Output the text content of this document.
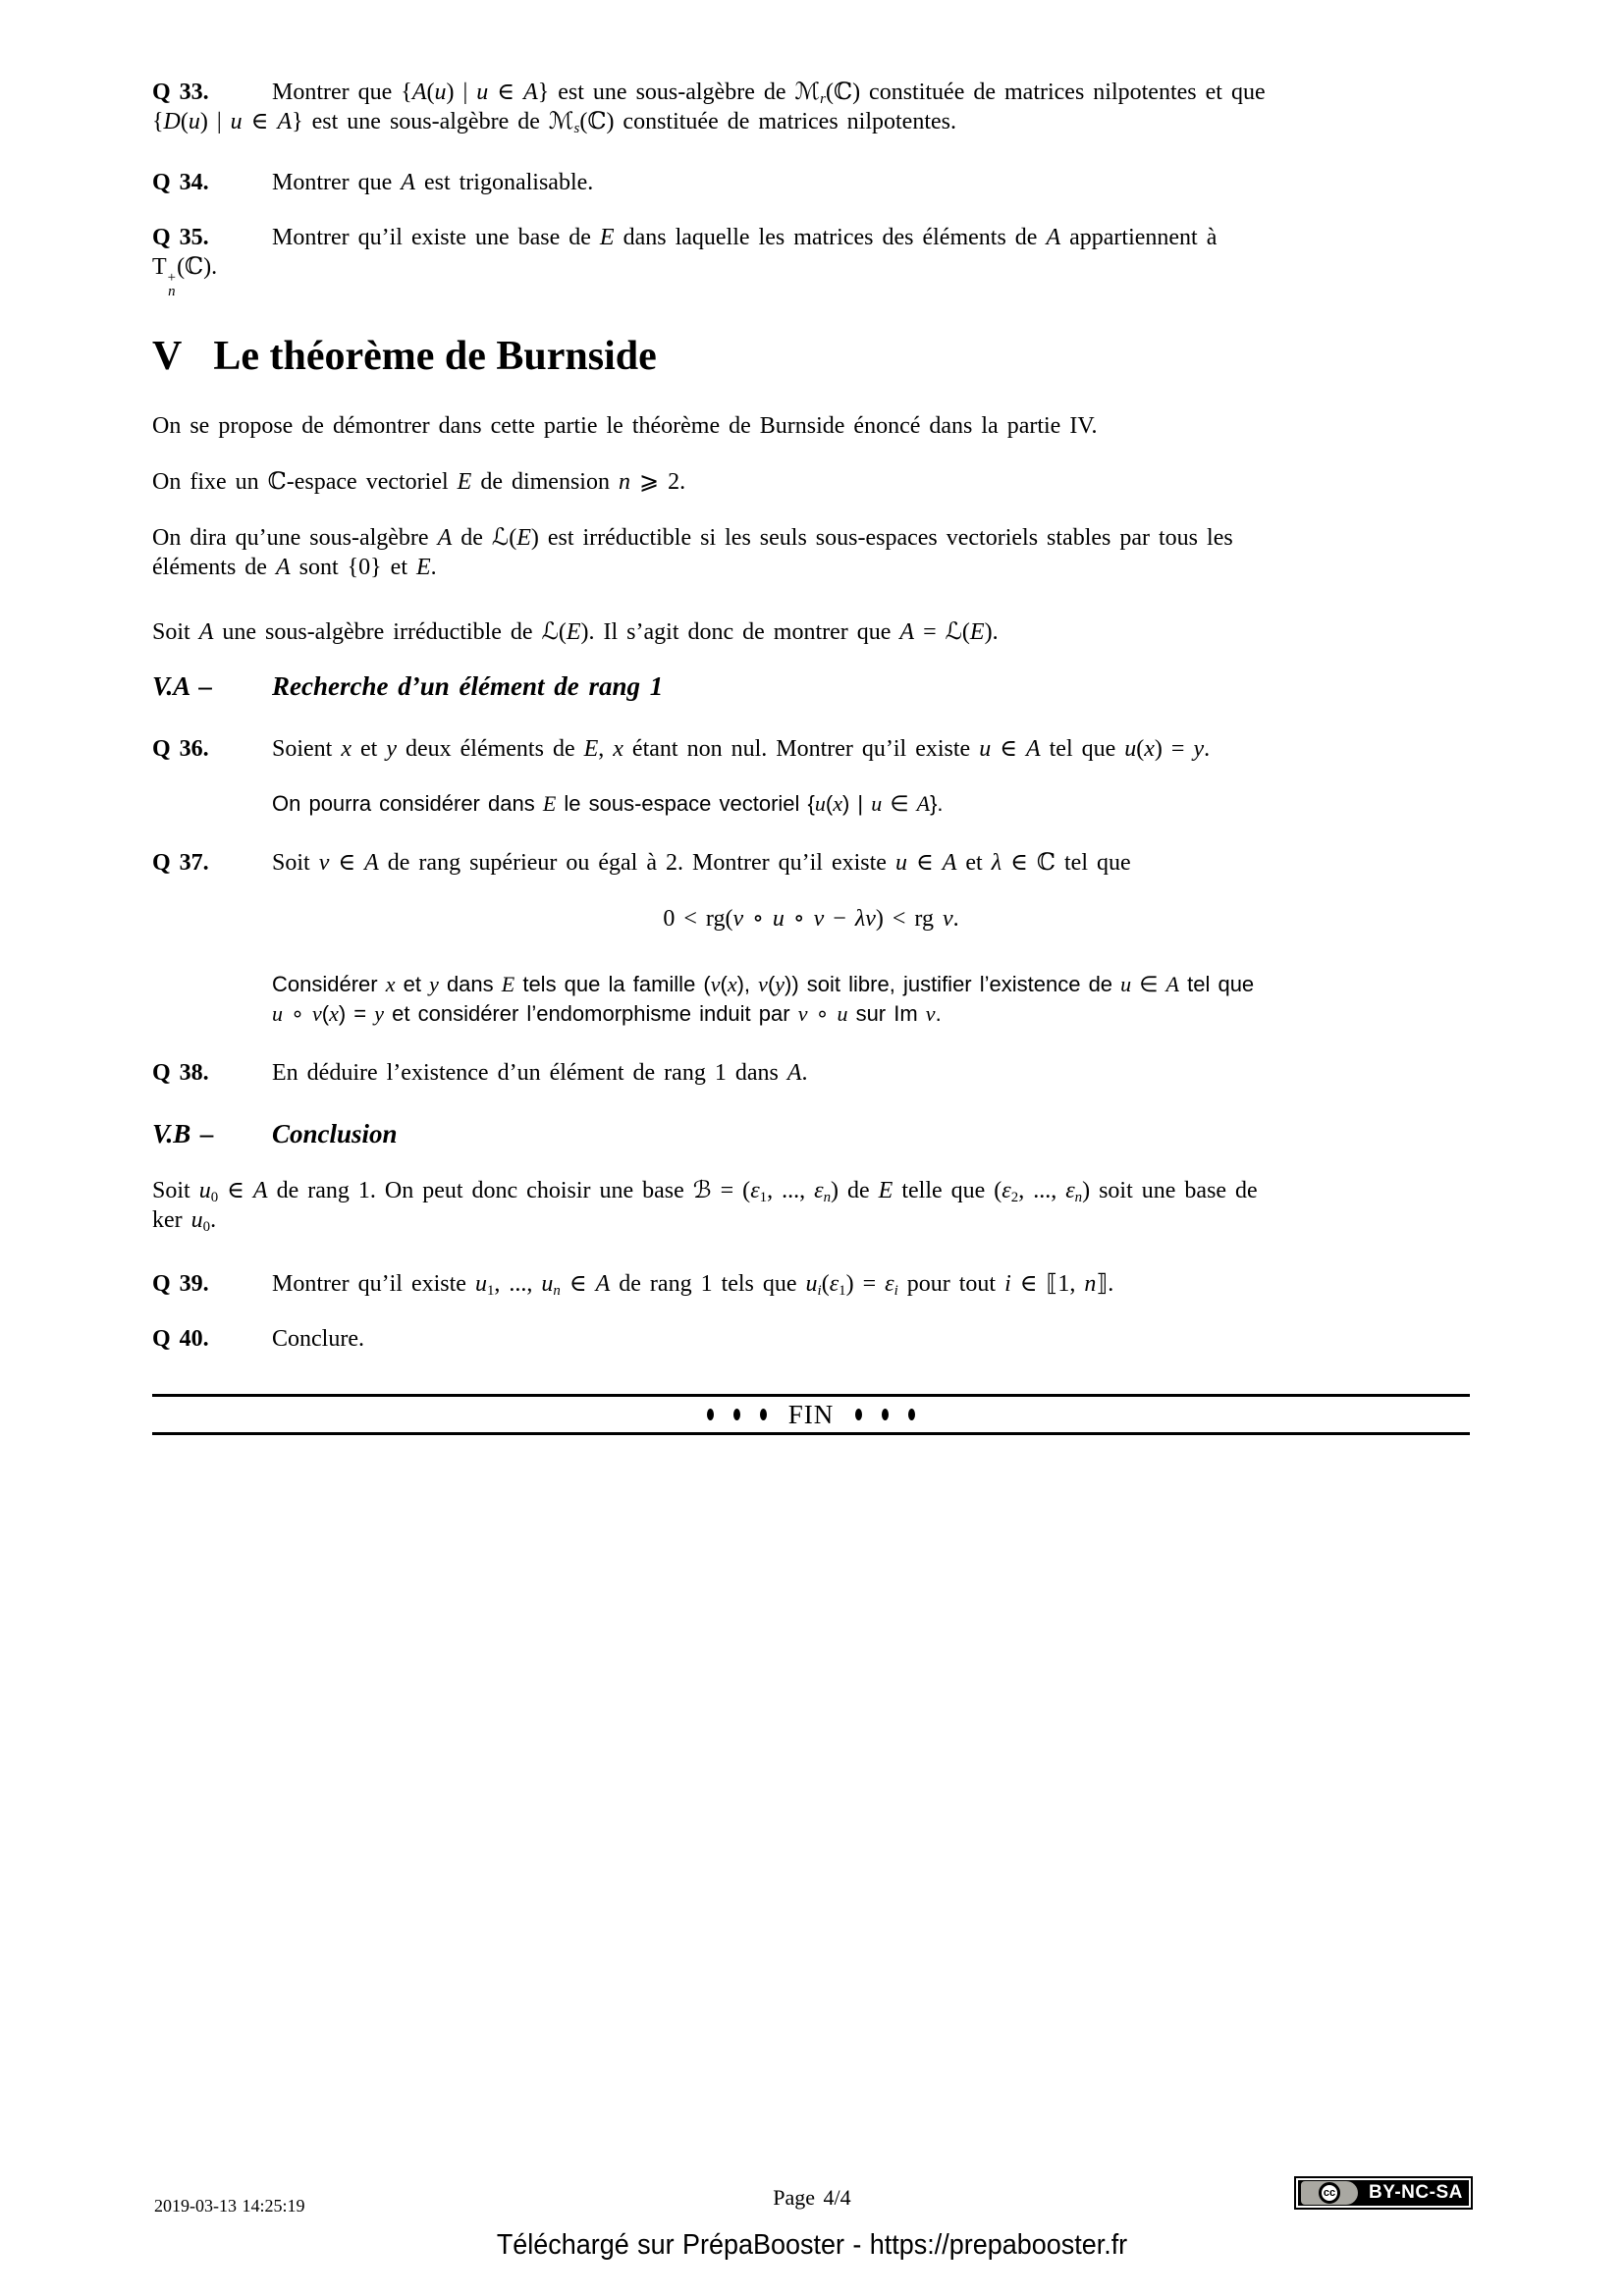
Q 33.	Montrer que {A(u) | u ∈ A} est une sous-algèbre de ℳ$_r$(ℂ) constituée de matrices nilpotentes et que
{D(u) | u ∈ A} est une sous-algèbre de ℳ$_s$(ℂ) constituée de matrices nilpotentes.

Q 34.	Montrer que A est trigonalisable.

Q 35.	Montrer qu’il existe une base de E dans laquelle les matrices des éléments de A appartiennent à
T +
n
(ℂ).

V Le théorème de Burnside

On se propose de démontrer dans cette partie le théorème de Burnside énoncé dans la partie IV.

On fixe un ℂ-espace vectoriel E de dimension n ⩾ 2.

On dira qu’une sous-algèbre A de ℒ(E) est irréductible si les seuls sous-espaces vectoriels stables par tous les
éléments de A sont {0} et E.

Soit A une sous-algèbre irréductible de ℒ(E). Il s’agit donc de montrer que A = ℒ(E).

V.A – Recherche d’un élément de rang 1

Q 36.	Soient x et y deux éléments de E, x étant non nul. Montrer qu’il existe u ∈ A tel que u(x) = y.

On pourra considérer dans E le sous-espace vectoriel {u(x) | u ∈ A}.

Q 37.	Soit v ∈ A de rang supérieur ou égal à 2. Montrer qu’il existe u ∈ A et λ ∈ ℂ tel que

0 < rg(v ∘ u ∘ v − λv) < rg v.
Considérer x et y dans E tels que la famille (v(x), v(y)) soit libre, justifier l’existence de u ∈ A tel que
u ∘ v(x) = y et considérer l’endomorphisme induit par v ∘ u sur Im v.

Q 38.	En déduire l’existence d’un élément de rang 1 dans A.

V.B – Conclusion

Soit $u_0$ ∈ A de rang 1. On peut donc choisir une base ℬ = ($\varepsilon_1$, ..., $\varepsilon_n$) de E telle que ($\varepsilon_2$, ..., $\varepsilon_n$) soit une base de
ker $u_0$.

Q 39.	Montrer qu’il existe $u_1$, ..., $u_n$ ∈ A de rang 1 tels que $u_i(\varepsilon_1) = \varepsilon_i$ pour tout i ∈ ⟦1, n⟧.

Q 40.	Conclure.

FIN
2019-03-13 14:25:19	Page 4/4	cc BY-NC-SA
Téléchargé sur PrépaBooster - https://prepabooster.fr
